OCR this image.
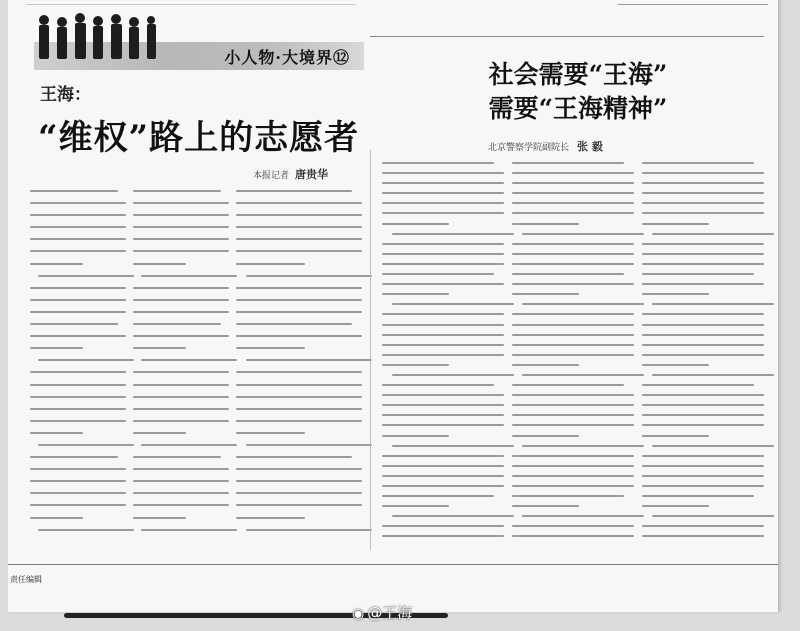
小人物·大境界⑫
王海：
“维权”路上的志愿者
本报记者 唐贵华
社会需要“王海”
需要“王海精神”
北京警察学院副院长 张 毅
责任编辑
◉ @王海
